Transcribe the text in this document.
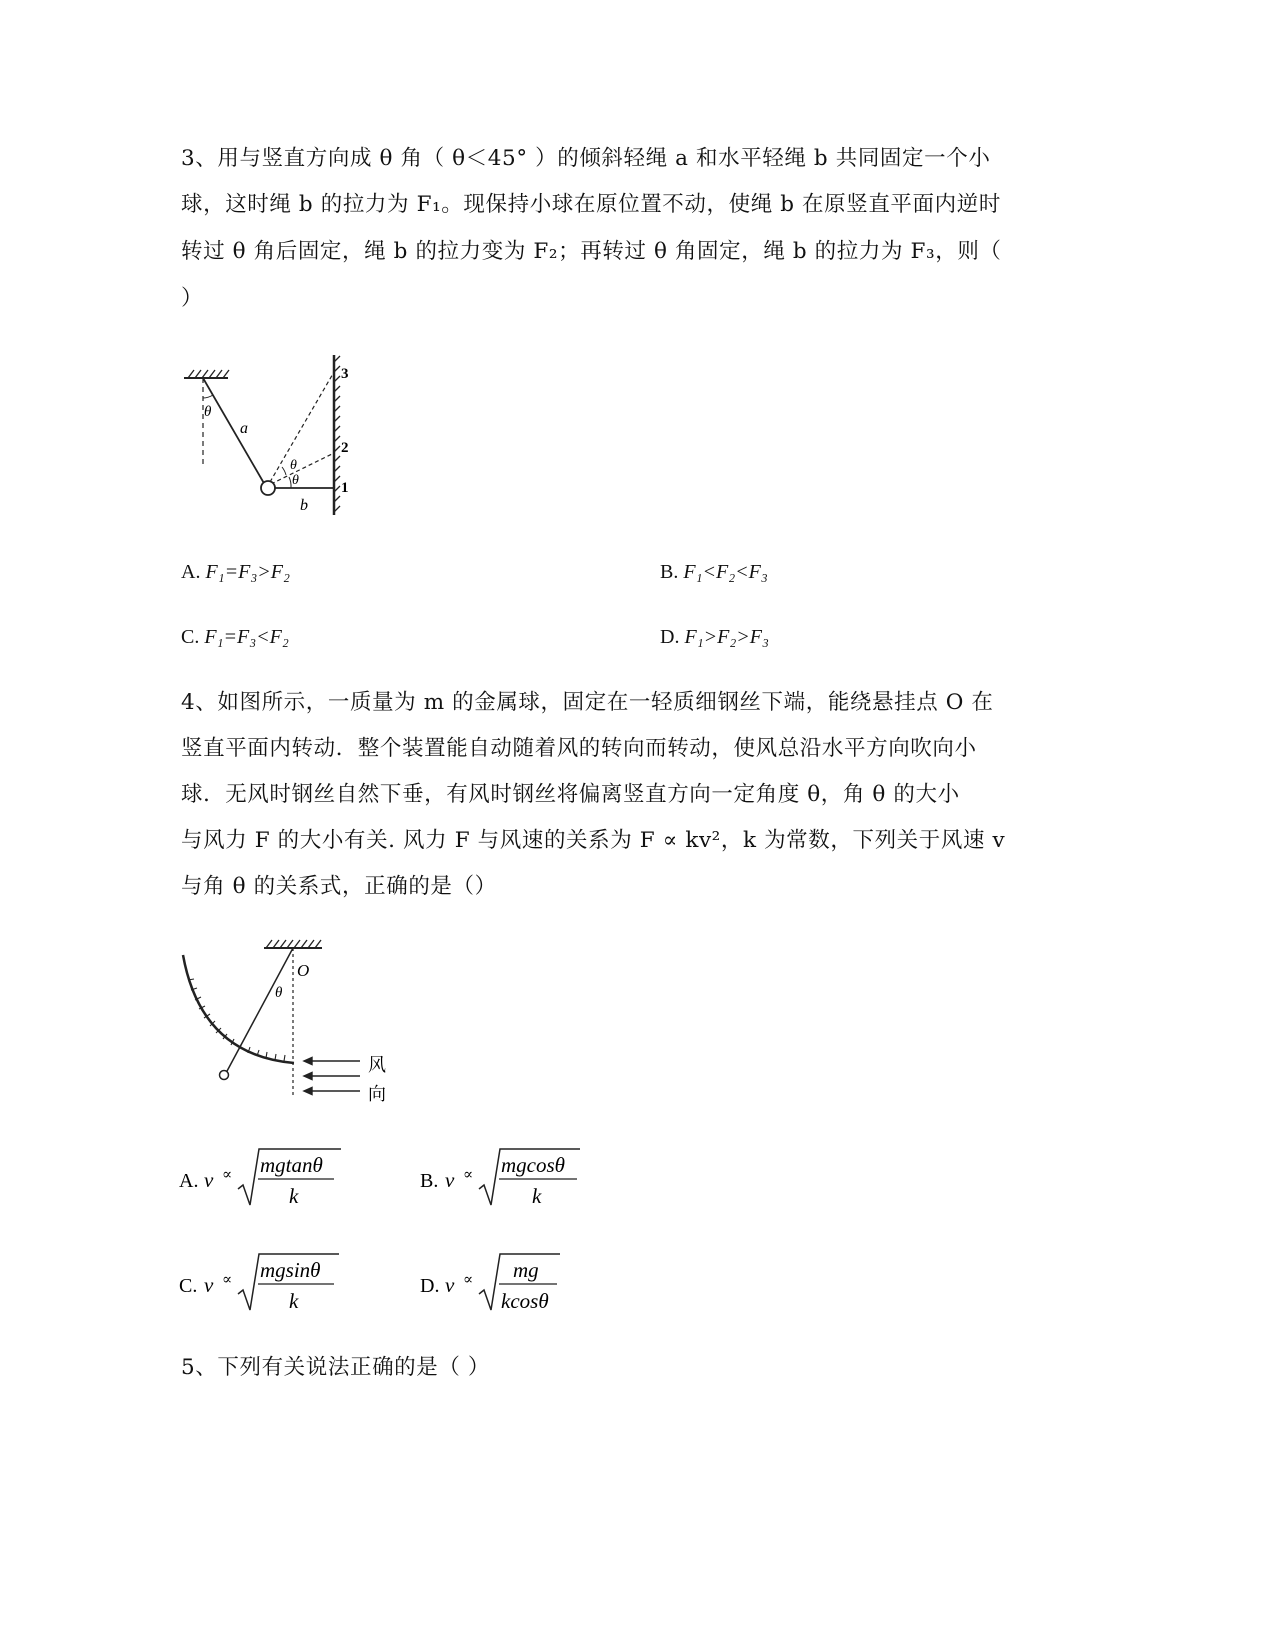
3、用与竖直方向成 θ 角（ θ＜45° ）的倾斜轻绳 a 和水平轻绳 b 共同固定一个小
球，这时绳 b 的拉力为 F₁。现保持小球在原位置不动，使绳 b 在原竖直平面内逆时
转过 θ 角后固定，绳 b 的拉力变为 F₂；再转过 θ 角固定，绳 b 的拉力为 F₃，则（
）
θ
a
θ
θ
b
1
2
3
A. F₁=F₃>F₂	B. F₁<F₂<F₃
C. F₁=F₃<F₂	D. F₁>F₂>F₃
4、如图所示，一质量为 m 的金属球，固定在一轻质细钢丝下端，能绕悬挂点 O 在
竖直平面内转动．整个装置能自动随着风的转向而转动，使风总沿水平方向吹向小
球．无风时钢丝自然下垂，有风时钢丝将偏离竖直方向一定角度 θ，角 θ 的大小
与风力 F 的大小有关. 风力 F 与风速的关系为 F ∝ kv²，k 为常数，下列关于风速 v
与角 θ 的关系式，正确的是（）
O
θ
风
向
A. v ∝ mgtanθ
k
B. v ∝ mgcosθ
k
C. v ∝ mgsinθ
k
D. v ∝ mg
kcosθ
5、下列有关说法正确的是（ ）
